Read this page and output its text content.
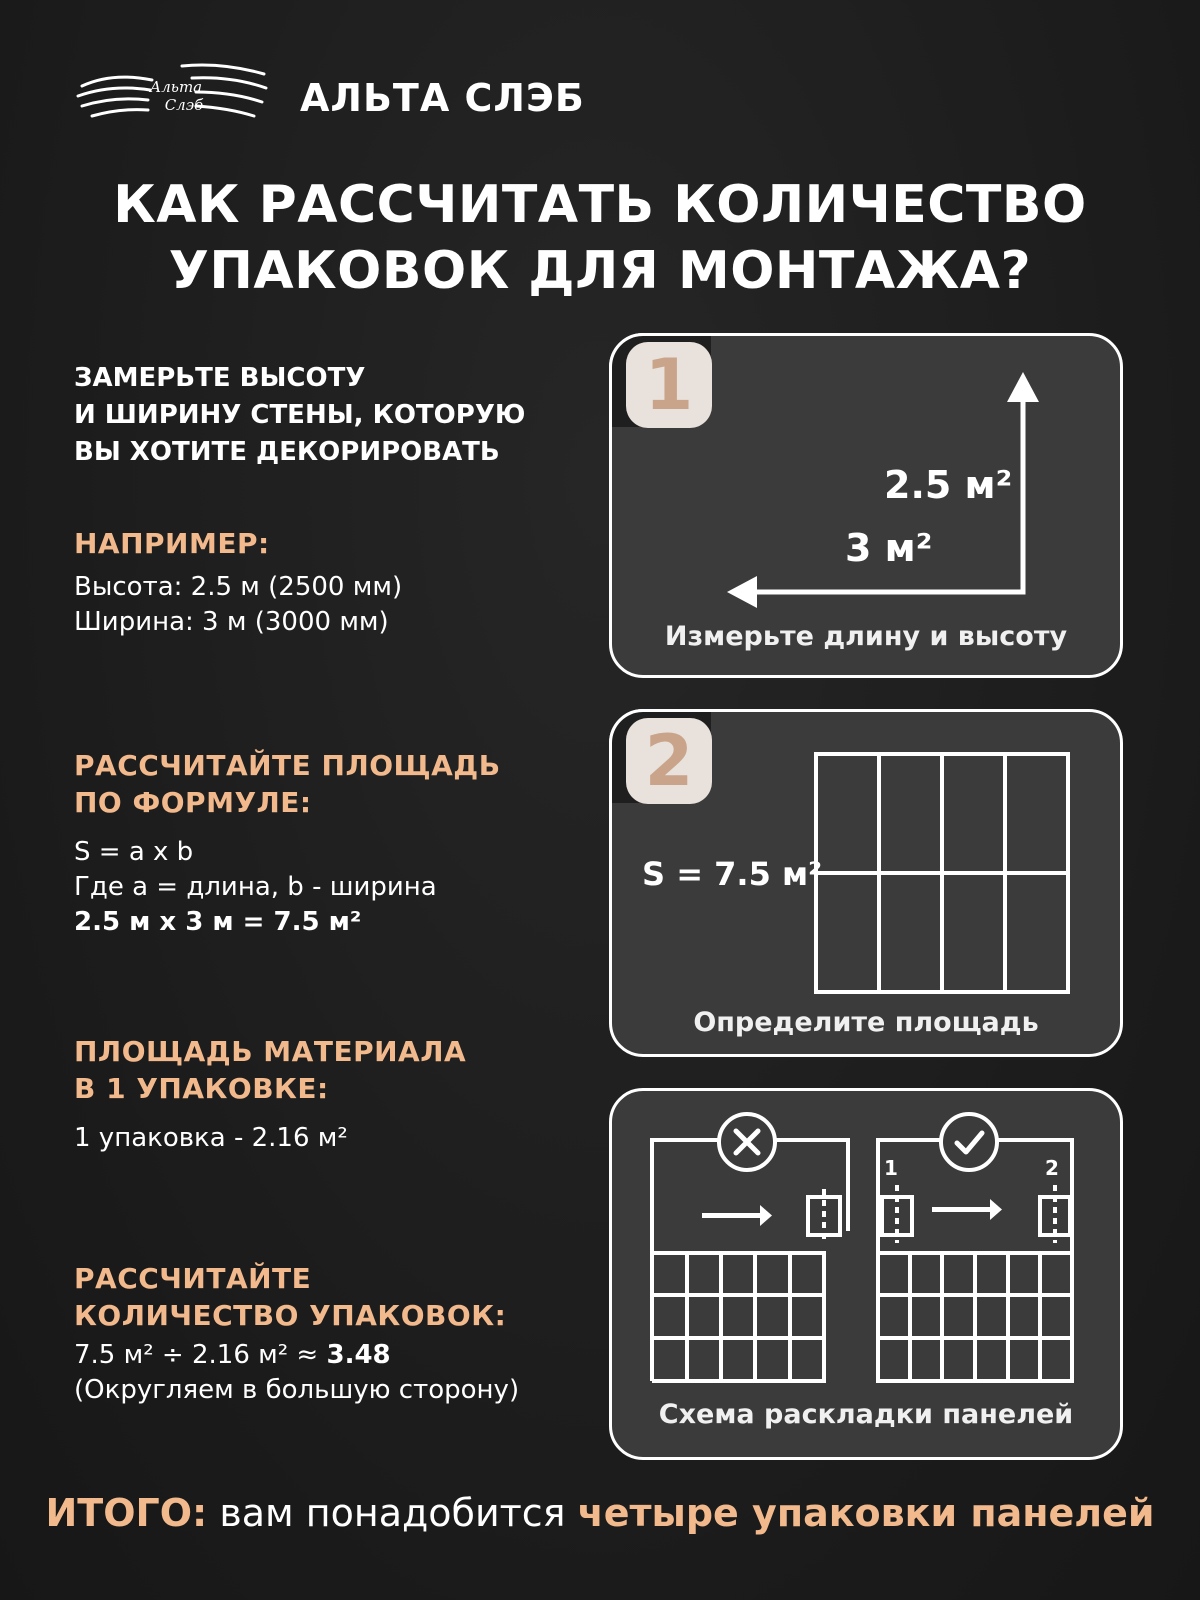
Альта
Слэб	АЛЬТА СЛЭБ
КАК РАССЧИТАТЬ КОЛИЧЕСТВО
УПАКОВОК ДЛЯ МОНТАЖА?
ЗАМЕРЬТЕ ВЫСОТУ
И ШИРИНУ СТЕНЫ, КОТОРУЮ
ВЫ ХОТИТЕ ДЕКОРИРОВАТЬ
НАПРИМЕР:
Высота: 2.5 м (2500 мм)
Ширина: 3 м (3000 мм)
РАССЧИТАЙТЕ ПЛОЩАДЬ
ПО ФОРМУЛЕ:
S = a x b
Где a = длина, b - ширина
2.5 м x 3 м = 7.5 м²
ПЛОЩАДЬ МАТЕРИАЛА
В 1 УПАКОВКЕ:
1 упаковка - 2.16 м²
РАССЧИТАЙТЕ
КОЛИЧЕСТВО УПАКОВОК:
7.5 м² ÷ 2.16 м² ≈ 3.48
(Округляем в большую сторону)
1
2.5 м²
3 м²
Измерьте длину и высоту
2
S = 7.5 м²
Определите площадь
1	2
Схема раскладки панелей
ИТОГО: вам понадобится четыре упаковки панелей
